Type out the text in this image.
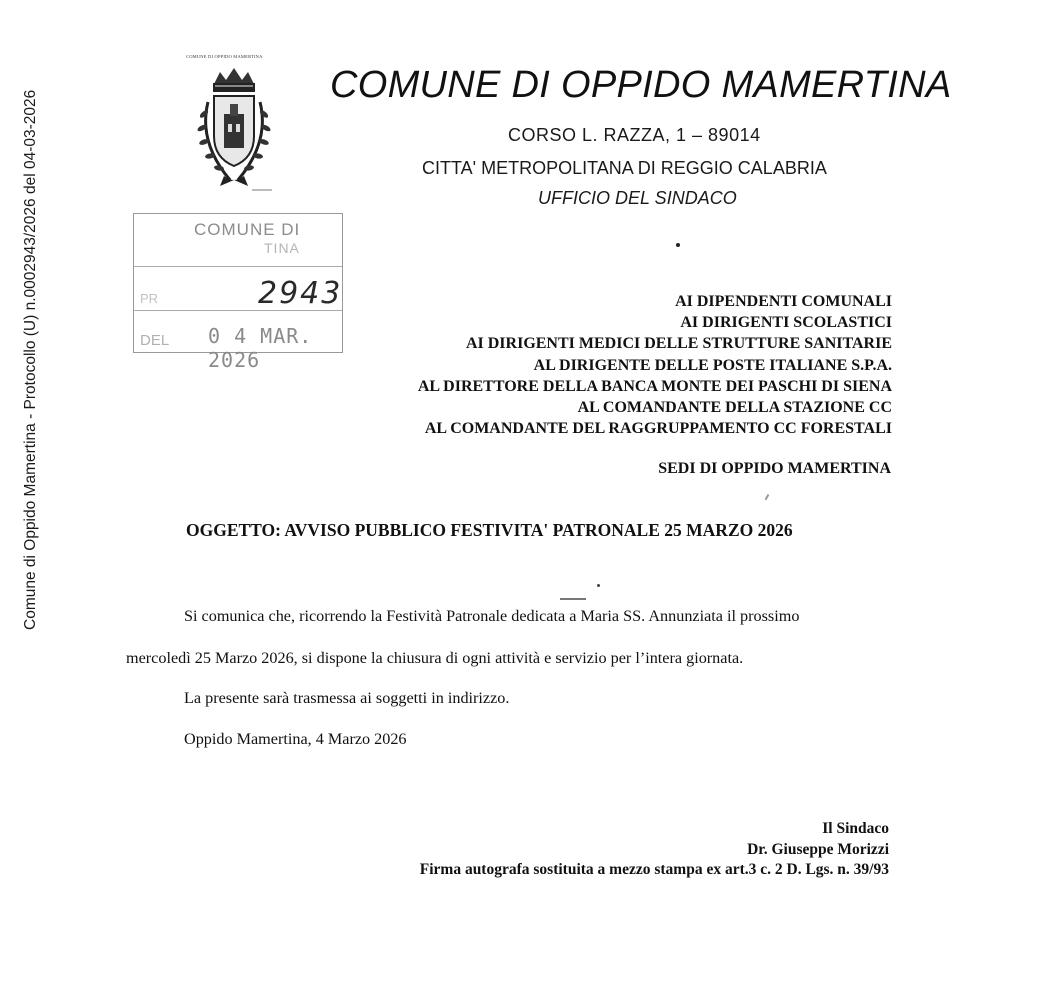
Comune di Oppido Mamertina - Protocollo (U) n.0002943/2026 del 04-03-2026
COMUNE DI OPPIDO MAMERTINA
COMUNE DI OPPIDO MAMERTINA
CORSO L. RAZZA, 1 – 89014
CITTA' METROPOLITANA DI REGGIO CALABRIA
UFFICIO DEL SINDACO
COMUNE DI
TINA
PR	2943
DEL 0 4 MAR. 2026
AI DIPENDENTI COMUNALI
AI DIRIGENTI SCOLASTICI
AI DIRIGENTI MEDICI DELLE STRUTTURE SANITARIE
AL DIRIGENTE DELLE POSTE ITALIANE S.P.A.
AL DIRETTORE DELLA BANCA MONTE DEI PASCHI DI SIENA
AL COMANDANTE DELLA STAZIONE CC
AL COMANDANTE DEL RAGGRUPPAMENTO CC FORESTALI
SEDI DI OPPIDO MAMERTINA
OGGETTO: AVVISO PUBBLICO FESTIVITA' PATRONALE 25 MARZO 2026
Si comunica che, ricorrendo la Festività Patronale dedicata a Maria SS. Annunziata il prossimo
mercoledì 25 Marzo 2026, si dispone la chiusura di ogni attività e servizio per l’intera giornata.
La presente sarà trasmessa ai soggetti in indirizzo.
Oppido Mamertina, 4 Marzo 2026
Il Sindaco
Dr. Giuseppe Morizzi
Firma autografa sostituita a mezzo stampa ex art.3 c. 2 D. Lgs. n. 39/93
